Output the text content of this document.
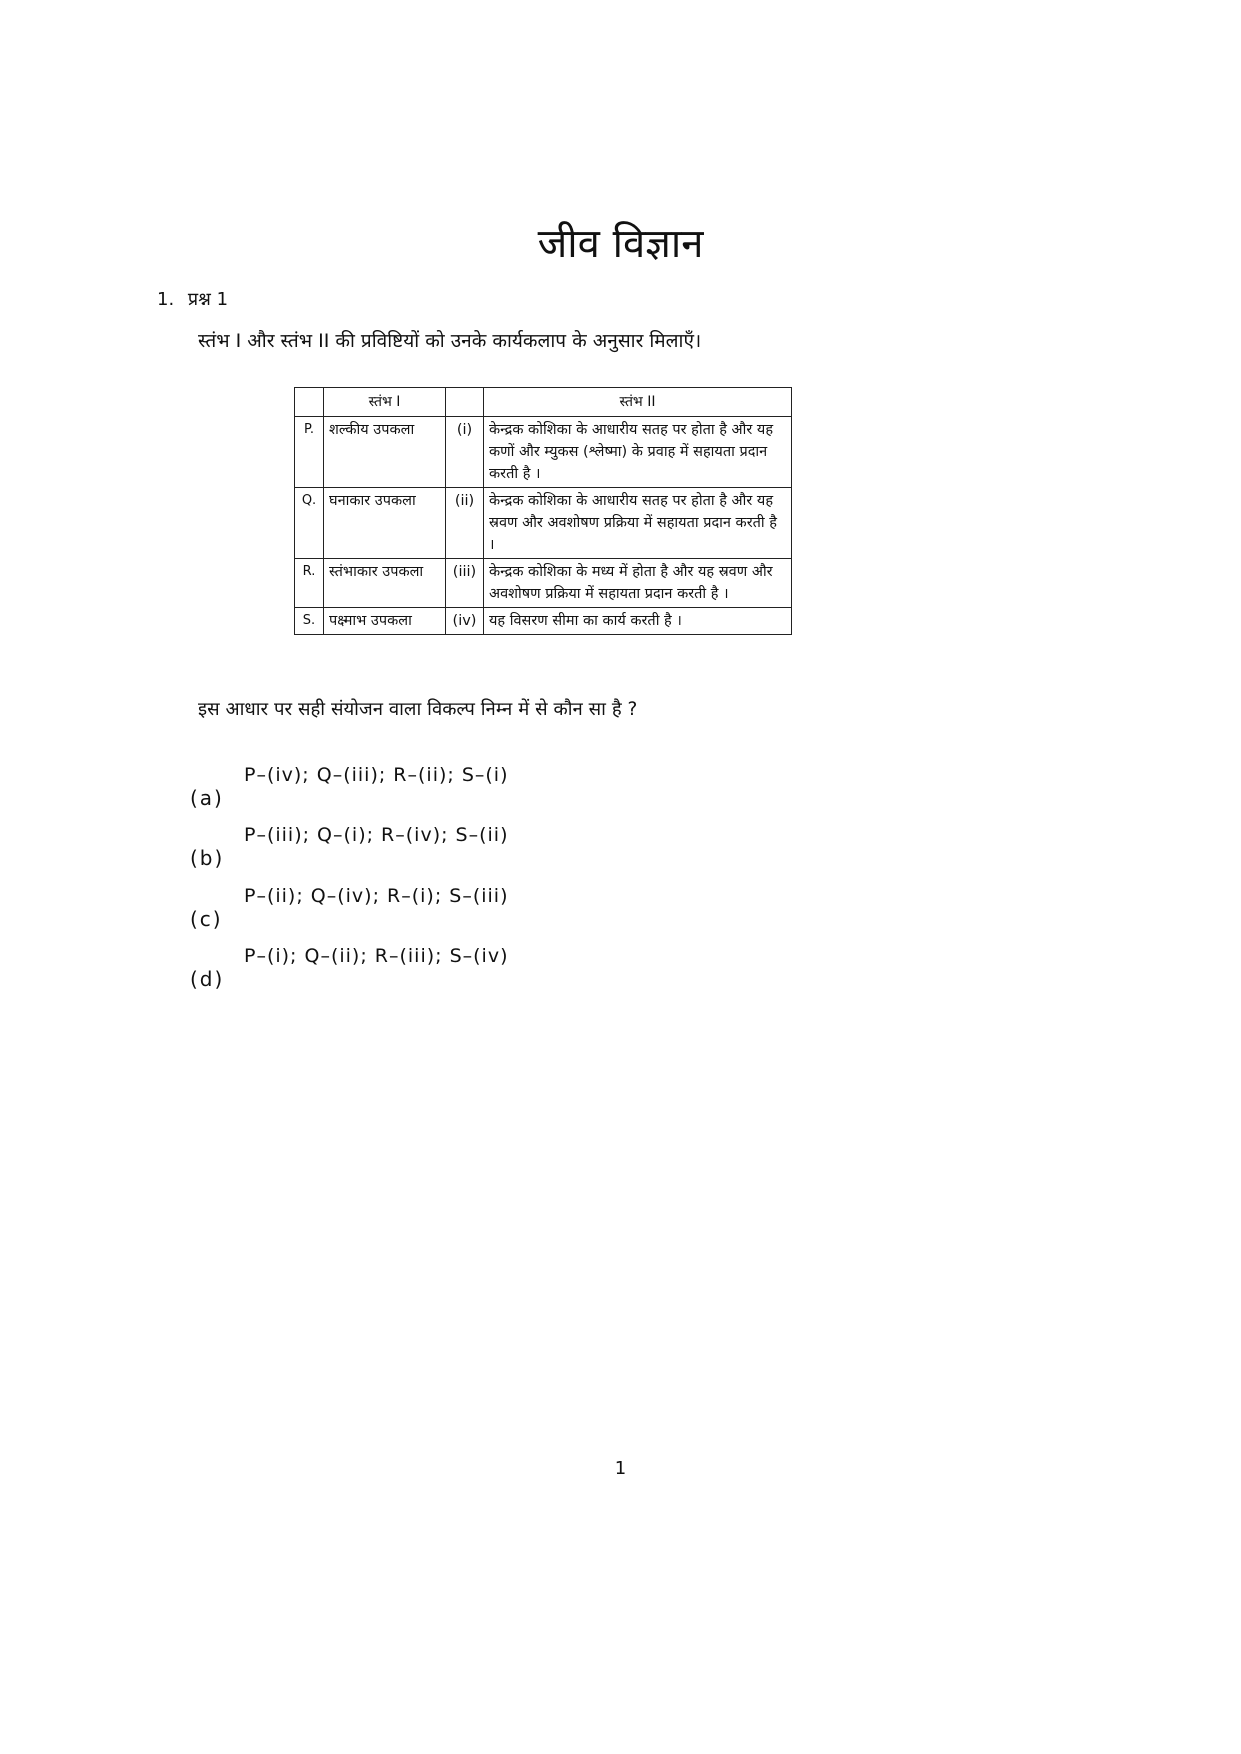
जीव विज्ञान
1. प्रश्न 1
स्तंभ I और स्तंभ II की प्रविष्टियों को उनके कार्यकलाप के अनुसार मिलाएँ।
	स्तंभ I		स्तंभ II
P.	शल्कीय उपकला	(i)	केन्द्रक कोशिका के आधारीय सतह पर होता है और यह कणों और म्युकस (श्लेष्मा) के प्रवाह में सहायता प्रदान करती है ।
Q.	घनाकार उपकला	(ii)	केन्द्रक कोशिका के आधारीय सतह पर होता है और यह स्रवण और अवशोषण प्रक्रिया में सहायता प्रदान करती है ।
R.	स्तंभाकार उपकला	(iii)	केन्द्रक कोशिका के मध्य में होता है और यह स्रवण और अवशोषण प्रक्रिया में सहायता प्रदान करती है ।
S.	पक्ष्माभ उपकला	(iv)	यह विसरण सीमा का कार्य करती है ।
इस आधार पर सही संयोजन वाला विकल्प निम्न में से कौन सा है ?
(a)
P–(iv); Q–(iii); R–(ii); S–(i)
(b)
P–(iii); Q–(i); R–(iv); S–(ii)
(c)
P–(ii); Q–(iv); R–(i); S–(iii)
(d)
P–(i); Q–(ii); R–(iii); S–(iv)
1
